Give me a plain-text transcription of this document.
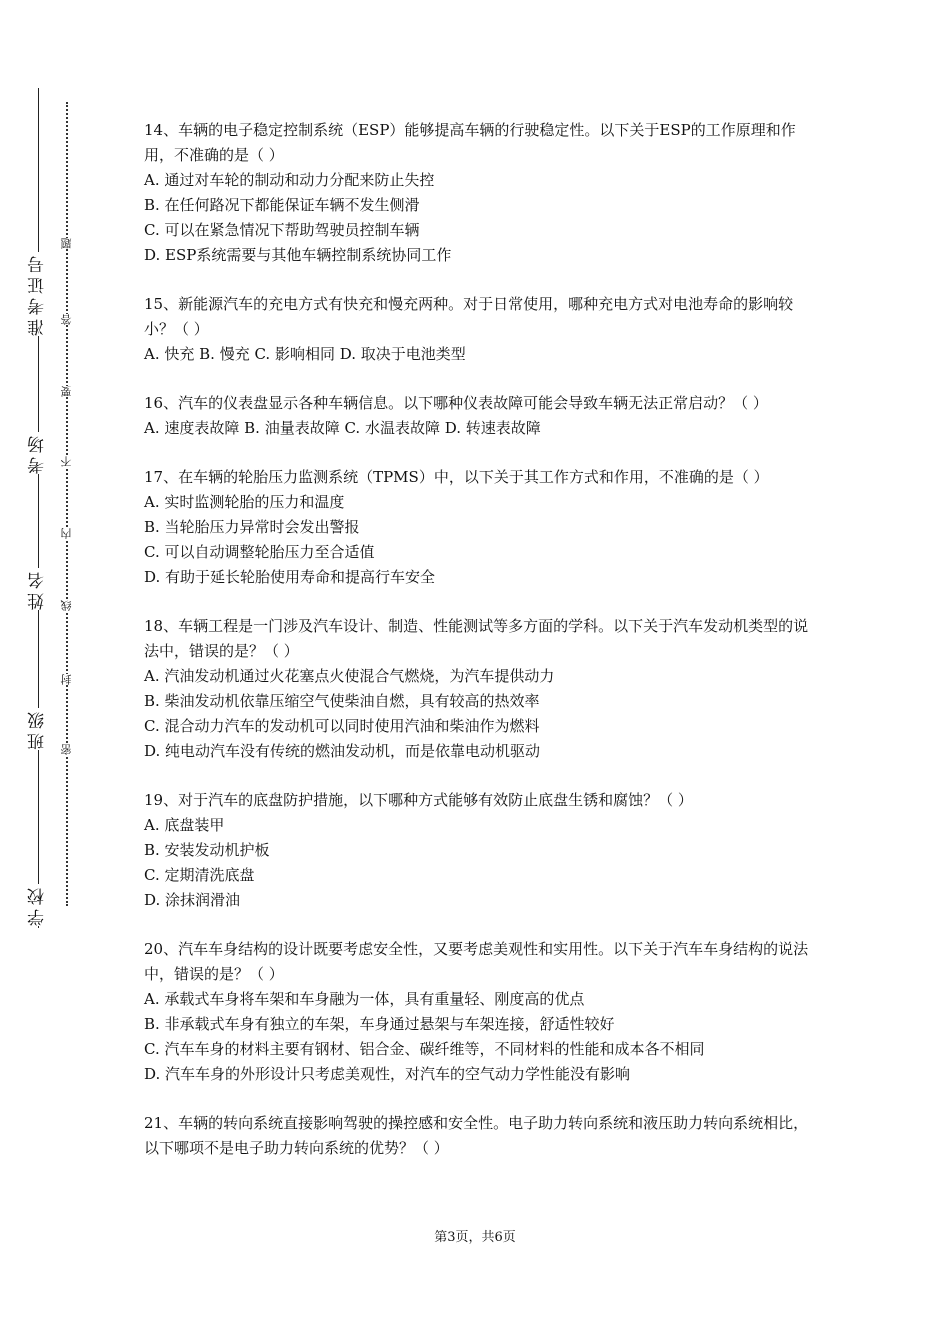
准考证号
考场
姓名
班级
学校
题
答
要
不
内
线
封
密

14、车辆的电子稳定控制系统（ESP）能够提高车辆的行驶稳定性。以下关于ESP的工作原理和作用，不准确的是（ ）

A. 通过对车轮的制动和动力分配来防止失控

B. 在任何路况下都能保证车辆不发生侧滑

C. 可以在紧急情况下帮助驾驶员控制车辆

D. ESP系统需要与其他车辆控制系统协同工作

15、新能源汽车的充电方式有快充和慢充两种。对于日常使用，哪种充电方式对电池寿命的影响较小？（ ）

A. 快充 B. 慢充 C. 影响相同 D. 取决于电池类型

16、汽车的仪表盘显示各种车辆信息。以下哪种仪表故障可能会导致车辆无法正常启动？（ ）

A. 速度表故障 B. 油量表故障 C. 水温表故障 D. 转速表故障

17、在车辆的轮胎压力监测系统（TPMS）中，以下关于其工作方式和作用，不准确的是（ ）

A. 实时监测轮胎的压力和温度

B. 当轮胎压力异常时会发出警报

C. 可以自动调整轮胎压力至合适值

D. 有助于延长轮胎使用寿命和提高行车安全

18、车辆工程是一门涉及汽车设计、制造、性能测试等多方面的学科。以下关于汽车发动机类型的说法中，错误的是？（ ）

A. 汽油发动机通过火花塞点火使混合气燃烧，为汽车提供动力

B. 柴油发动机依靠压缩空气使柴油自燃，具有较高的热效率

C. 混合动力汽车的发动机可以同时使用汽油和柴油作为燃料

D. 纯电动汽车没有传统的燃油发动机，而是依靠电动机驱动

19、对于汽车的底盘防护措施，以下哪种方式能够有效防止底盘生锈和腐蚀？（ ）

A. 底盘装甲

B. 安装发动机护板

C. 定期清洗底盘

D. 涂抹润滑油

20、汽车车身结构的设计既要考虑安全性，又要考虑美观性和实用性。以下关于汽车车身结构的说法中，错误的是？（ ）

A. 承载式车身将车架和车身融为一体，具有重量轻、刚度高的优点

B. 非承载式车身有独立的车架，车身通过悬架与车架连接，舒适性较好

C. 汽车车身的材料主要有钢材、铝合金、碳纤维等，不同材料的性能和成本各不相同

D. 汽车车身的外形设计只考虑美观性，对汽车的空气动力学性能没有影响

21、车辆的转向系统直接影响驾驶的操控感和安全性。电子助力转向系统和液压助力转向系统相比，以下哪项不是电子助力转向系统的优势？（ ）

第3页，共6页
